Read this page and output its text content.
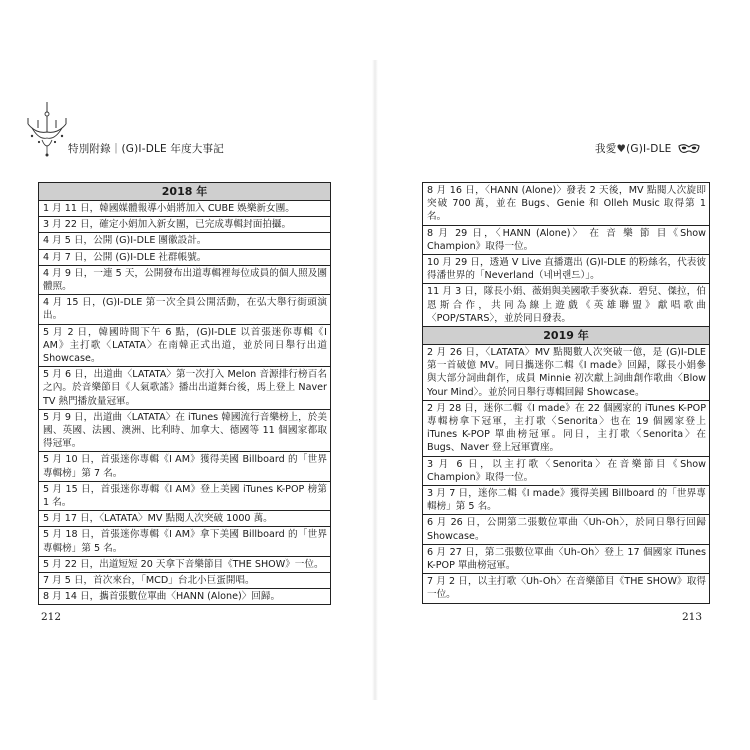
特別附錄｜(G)I-DLE 年度大事記
2018 年
1 月 11 日，韓國媒體報導小娟將加入 CUBE 娛樂新女團。
3 月 22 日，確定小娟加入新女團，已完成專輯封面拍攝。
4 月 5 日，公開 (G)I-DLE 團徽設計。
4 月 7 日，公開 (G)I-DLE 社群帳號。
4 月 9 日，一連 5 天，公開發布出道專輯裡每位成員的個人照及團體照。
4 月 15 日，(G)I-DLE 第一次全員公開活動，在弘大舉行街頭演出。
5 月 2 日，韓國時間下午 6 點，(G)I-DLE 以首張迷你專輯《I AM》主打歌〈LATATA〉在南韓正式出道，並於同日舉行出道 Showcase。
5 月 6 日，出道曲〈LATATA〉第一次打入 Melon 音源排行榜百名之內。於音樂節目《人氣歌謠》播出出道舞台後，馬上登上 Naver TV 熱門播放量冠軍。
5 月 9 日，出道曲〈LATATA〉在 iTunes 韓國流行音樂榜上，於美國、英國、法國、澳洲、比利時、加拿大、德國等 11 個國家都取得冠軍。
5 月 10 日，首張迷你專輯《I AM》獲得美國 Billboard 的「世界專輯榜」第 7 名。
5 月 15 日，首張迷你專輯《I AM》登上美國 iTunes K-POP 榜第 1 名。
5 月 17 日，〈LATATA〉MV 點閱人次突破 1000 萬。
5 月 18 日，首張迷你專輯《I AM》拿下美國 Billboard 的「世界專輯榜」第 5 名。
5 月 22 日，出道短短 20 天拿下音樂節目《THE SHOW》一位。
7 月 5 日，首次來台，「MCD」台北小巨蛋開唱。
8 月 14 日，攜首張數位單曲〈HANN (Alone)〉回歸。
212
我愛♥(G)I-DLE
8 月 16 日，〈HANN (Alone)〉發表 2 天後，MV 點閱人次旋即突破 700 萬，並在 Bugs、Genie 和 Olleh Music 取得第 1 名。
8 月 29 日，〈HANN (Alone)〉 在 音 樂 節 目《Show Champion》取得一位。
10 月 29 日，透過 V Live 直播選出 (G)I-DLE 的粉絲名，代表彼得潘世界的「Neverland（네버랜드）」。
11 月 3 日，隊長小娟、薇娟與美國歌手麥狄森．碧兒、傑拉，伯恩斯合作，共同為線上遊戲《英雄聯盟》獻唱歌曲〈POP/STARS〉，並於同日發表。
2019 年
2 月 26 日，〈LATATA〉MV 點閱數人次突破一億，是 (G)I-DLE 第一首破億 MV。同日攜迷你二輯《I made》回歸，隊長小娟參與大部分詞曲創作，成員 Minnie 初次獻上詞曲創作歌曲〈Blow Your Mind〉。並於同日舉行專輯回歸 Showcase。
2 月 28 日，迷你二輯《I made》在 22 個國家的 iTunes K-POP 專輯榜拿下冠軍，主打歌〈Senorita〉也在 19 個國家登上 iTunes K-POP 單曲榜冠軍。同日，主打歌〈Senorita〉在 Bugs、Naver 登上冠軍寶座。
3 月 6 日，以主打歌〈Senorita〉在音樂節目《Show Champion》取得一位。
3 月 7 日，迷你二輯《I made》獲得美國 Billboard 的「世界專輯榜」第 5 名。
6 月 26 日，公開第二張數位單曲〈Uh-Oh〉，於同日舉行回歸 Showcase。
6 月 27 日，第二張數位單曲〈Uh-Oh〉登上 17 個國家 iTunes K-POP 單曲榜冠軍。
7 月 2 日，以主打歌〈Uh-Oh〉在音樂節目《THE SHOW》取得一位。
213
